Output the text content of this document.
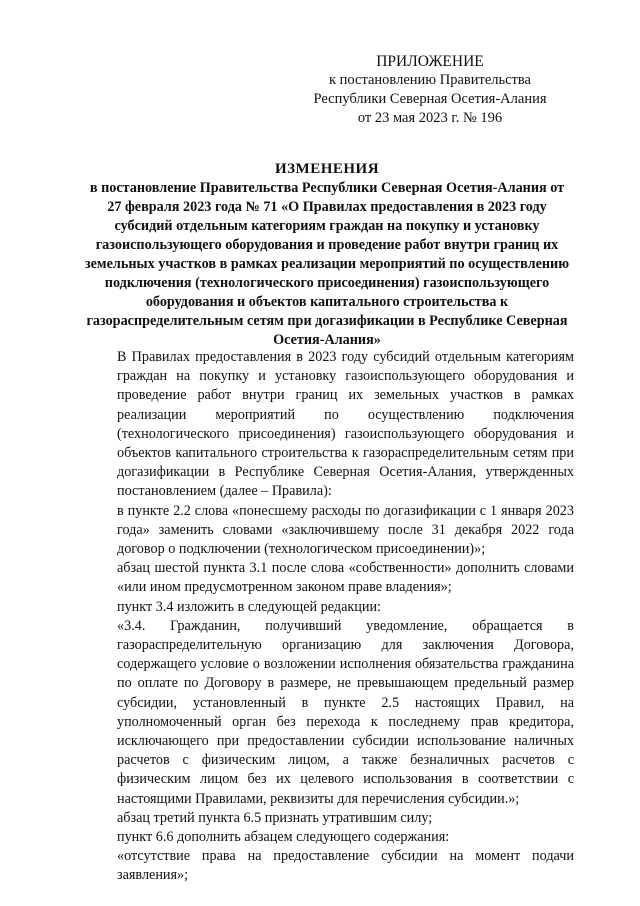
ПРИЛОЖЕНИЕ
к постановлению Правительства
Республики Северная Осетия-Алания
от 23 мая 2023 г. № 196
ИЗМЕНЕНИЯ
в постановление Правительства Республики Северная Осетия-Алания от 27 февраля 2023 года № 71 «О Правилах предоставления в 2023 году субсидий отдельным категориям граждан на покупку и установку газоиспользующего оборудования и проведение работ внутри границ их земельных участков в рамках реализации мероприятий по осуществлению подключения (технологического присоединения) газоиспользующего оборудования и объектов капитального строительства к газораспределительным сетям при догазификации в Республике Северная Осетия-Алания»

В Правилах предоставления в 2023 году субсидий отдельным категориям граждан на покупку и установку газоиспользующего оборудования и проведение работ внутри границ их земельных участков в рамках реализации мероприятий по осуществлению подключения (технологического присоединения) газоиспользующего оборудования и объектов капитального строительства к газораспределительным сетям при догазификации в Республике Северная Осетия-Алания, утвержденных постановлением (далее – Правила):

в пункте 2.2 слова «понесшему расходы по догазификации с 1 января 2023 года» заменить словами «заключившему после 31 декабря 2022 года договор о подключении (технологическом присоединении)»;

абзац шестой пункта 3.1 после слова «собственности» дополнить словами «или ином предусмотренном законом праве владения»;

пункт 3.4 изложить в следующей редакции:

«3.4. Гражданин, получивший уведомление, обращается в газораспределительную организацию для заключения Договора, содержащего условие о возложении исполнения обязательства гражданина по оплате по Договору в размере, не превышающем предельный размер субсидии, установленный в пункте 2.5 настоящих Правил, на уполномоченный орган без перехода к последнему прав кредитора, исключающего при предоставлении субсидии использование наличных расчетов с физическим лицом, а также безналичных расчетов с физическим лицом без их целевого использования в соответствии с настоящими Правилами, реквизиты для перечисления субсидии.»;

абзац третий пункта 6.5 признать утратившим силу;

пункт 6.6 дополнить абзацем следующего содержания:

«отсутствие права на предоставление субсидии на момент подачи заявления»;
